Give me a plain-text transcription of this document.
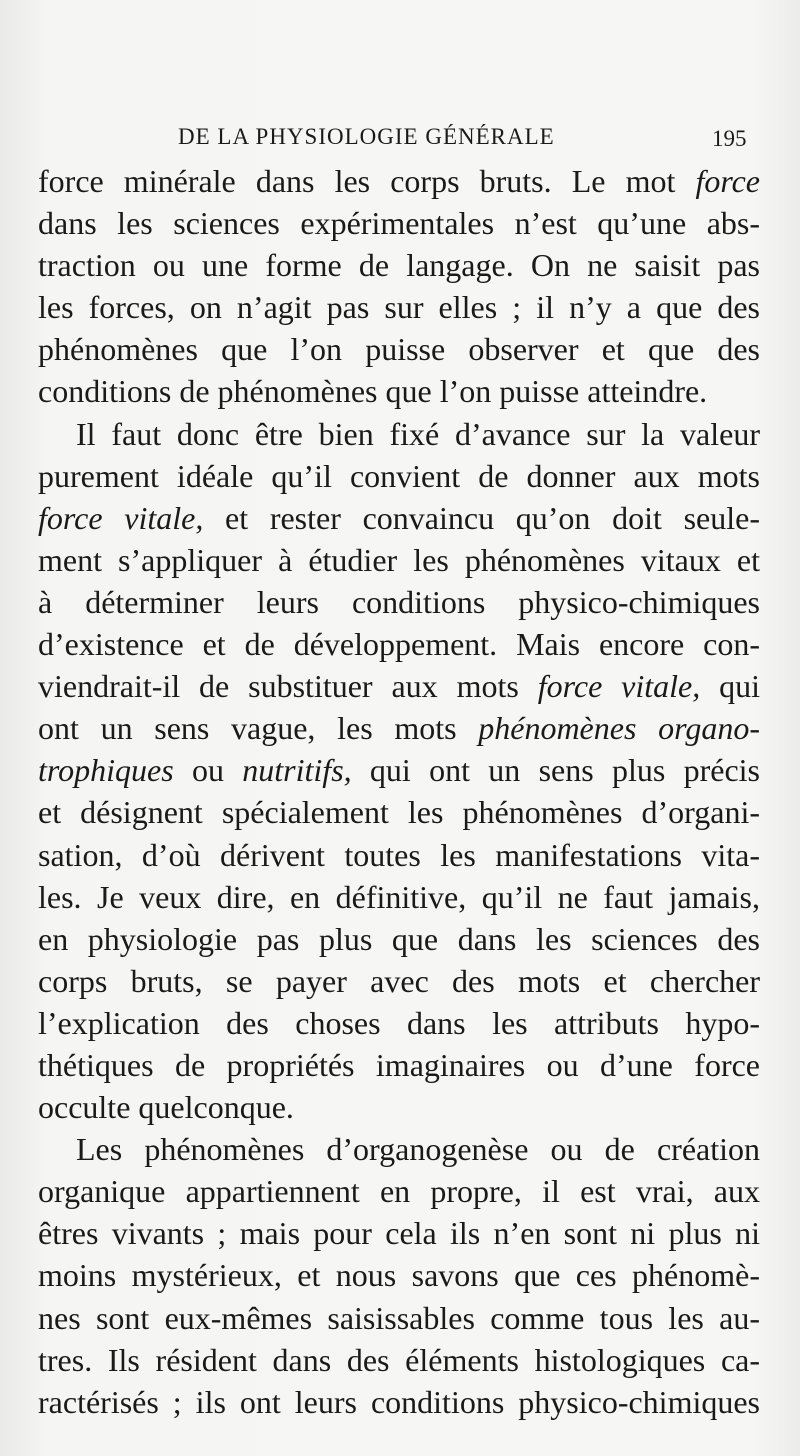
DE LA PHYSIOLOGIE GÉNÉRALE	195
force minérale dans les corps bruts. Le mot force
dans les sciences expérimentales n’est qu’une abs-
traction ou une forme de langage. On ne saisit pas
les forces, on n’agit pas sur elles ; il n’y a que des
phénomènes que l’on puisse observer et que des
conditions de phénomènes que l’on puisse atteindre.
Il faut donc être bien fixé d’avance sur la valeur
purement idéale qu’il convient de donner aux mots
force vitale, et rester convaincu qu’on doit seule-
ment s’appliquer à étudier les phénomènes vitaux et
à déterminer leurs conditions physico-chimiques
d’existence et de développement. Mais encore con-
viendrait-il de substituer aux mots force vitale, qui
ont un sens vague, les mots phénomènes organo-
trophiques ou nutritifs, qui ont un sens plus précis
et désignent spécialement les phénomènes d’organi-
sation, d’où dérivent toutes les manifestations vita-
les. Je veux dire, en définitive, qu’il ne faut jamais,
en physiologie pas plus que dans les sciences des
corps bruts, se payer avec des mots et chercher
l’explication des choses dans les attributs hypo-
thétiques de propriétés imaginaires ou d’une force
occulte quelconque.
Les phénomènes d’organogenèse ou de création
organique appartiennent en propre, il est vrai, aux
êtres vivants ; mais pour cela ils n’en sont ni plus ni
moins mystérieux, et nous savons que ces phénomè-
nes sont eux-mêmes saisissables comme tous les au-
tres. Ils résident dans des éléments histologiques ca-
ractérisés ; ils ont leurs conditions physico-chimiques
